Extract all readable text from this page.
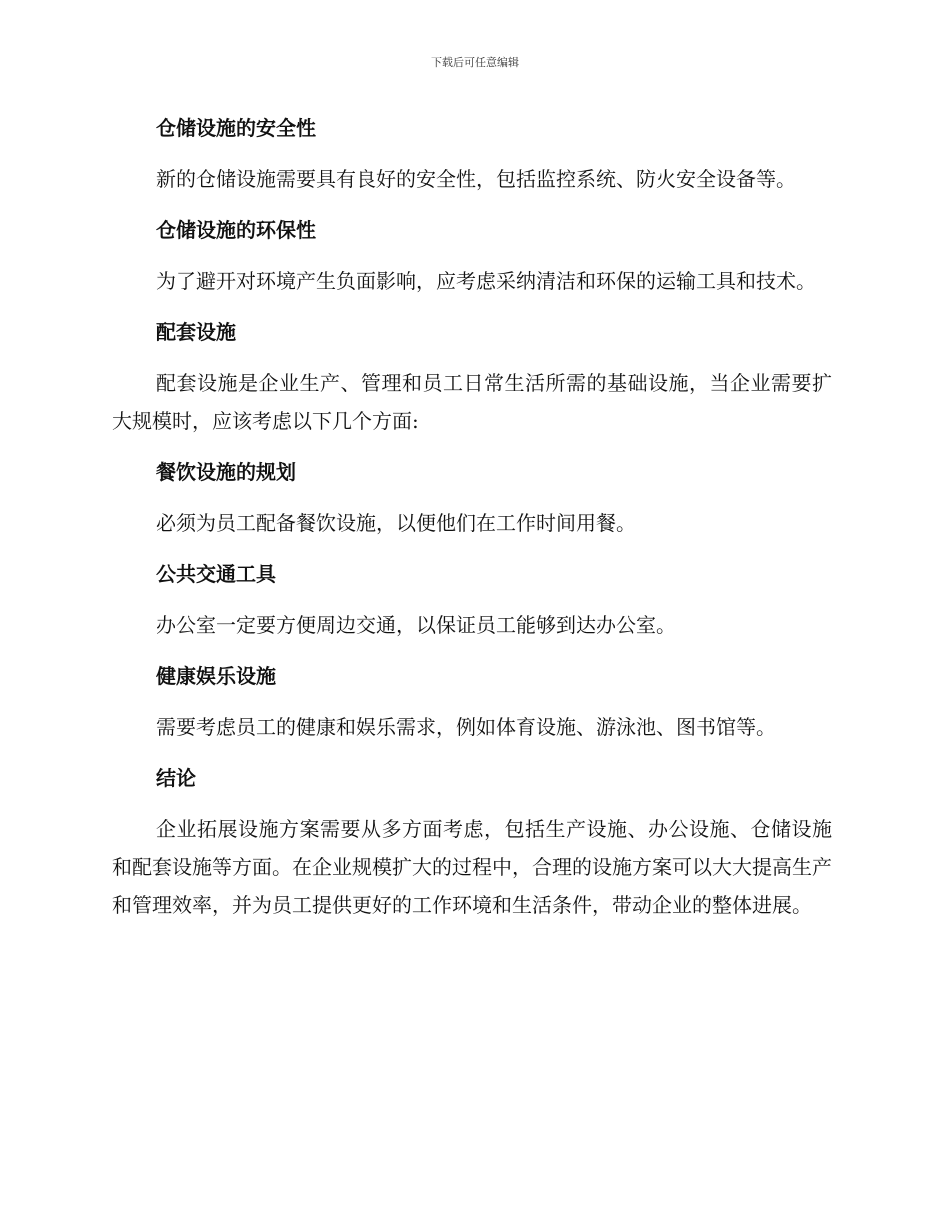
下载后可任意编辑
仓储设施的安全性
新的仓储设施需要具有良好的安全性，包括监控系统、防火安全设备等。
仓储设施的环保性
为了避开对环境产生负面影响，应考虑采纳清洁和环保的运输工具和技术。
配套设施
配套设施是企业生产、管理和员工日常生活所需的基础设施，当企业需要扩大规模时，应该考虑以下几个方面:
餐饮设施的规划
必须为员工配备餐饮设施，以便他们在工作时间用餐。
公共交通工具
办公室一定要方便周边交通，以保证员工能够到达办公室。
健康娱乐设施
需要考虑员工的健康和娱乐需求，例如体育设施、游泳池、图书馆等。
结论
企业拓展设施方案需要从多方面考虑，包括生产设施、办公设施、仓储设施和配套设施等方面。在企业规模扩大的过程中，合理的设施方案可以大大提高生产和管理效率，并为员工提供更好的工作环境和生活条件，带动企业的整体进展。
